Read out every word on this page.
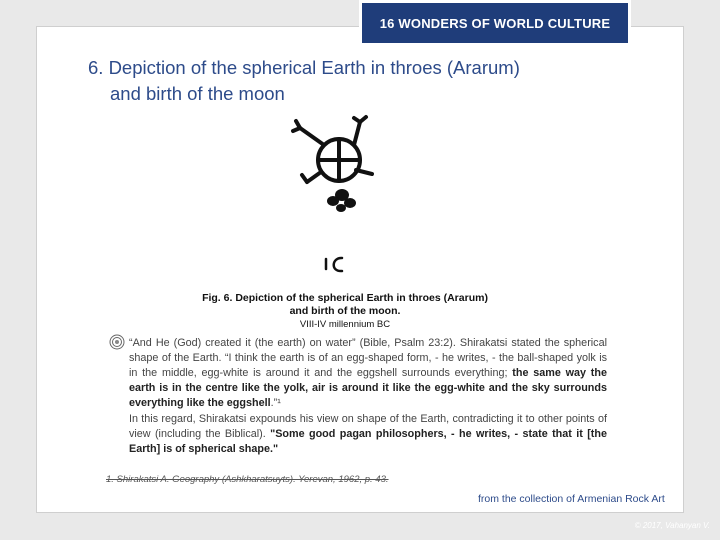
16 WONDERS OF WORLD CULTURE
6. Depiction of the spherical Earth in throes (Ararum)
and birth of the moon
Fig. 6. Depiction of the spherical Earth in throes (Ararum)
and birth of the moon.
VIII-IV millennium BC

“And He (God) created it (the earth) on water” (Bible, Psalm 23:2). Shirakatsi stated the spherical shape of the Earth. “I think the earth is of an egg-shaped form, - he writes, - the ball-shaped yolk is in the middle, egg-white is around it and the eggshell surrounds everything; the same way the earth is in the centre like the yolk, air is around it like the egg-white and the sky surrounds everything like the eggshell.”¹

In this regard, Shirakatsi expounds his view on shape of the Earth, contradicting it to other points of view (including the Biblical). "Some good pagan philosophers, - he writes, - state that it [the Earth] is of spherical shape."

1. Shirakatsi A. Geography (Ashkharatsuyts). Yerevan, 1962, p. 43.
from the collection of Armenian Rock Art
© 2017, Vahanyan V.
